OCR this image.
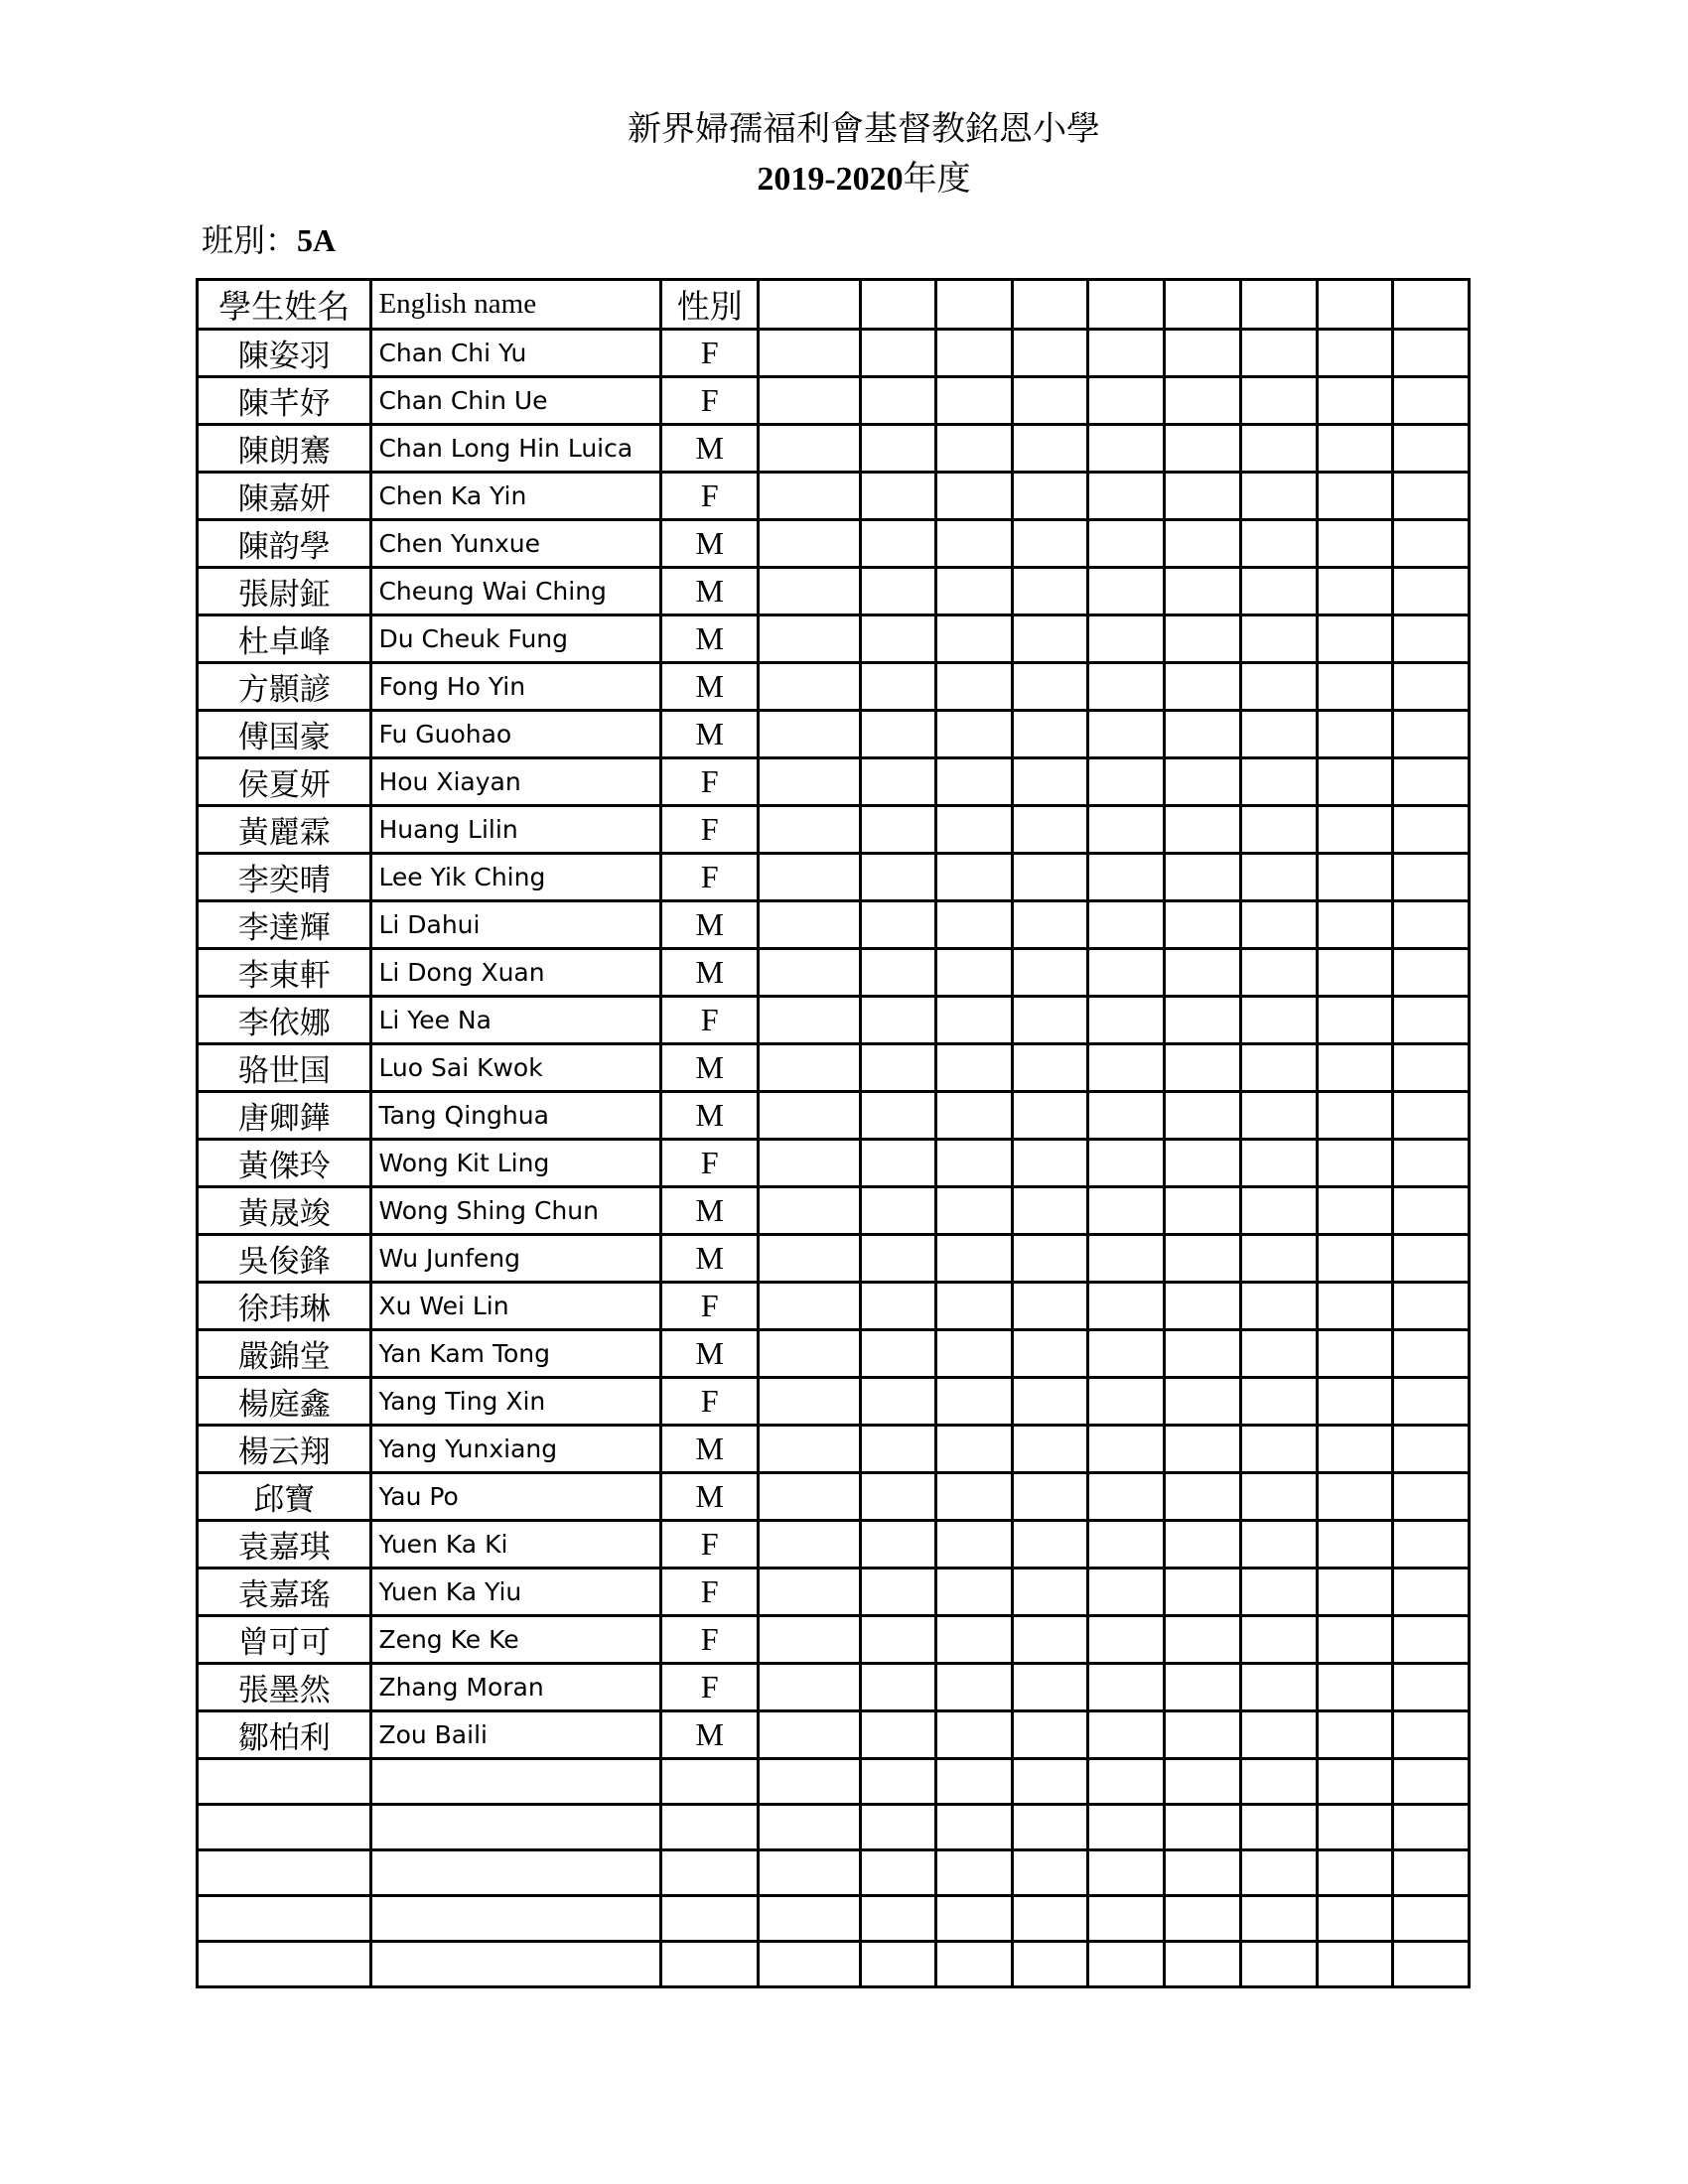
新界婦孺福利會基督教銘恩小學
2019-2020年度
班別：5A
學生姓名	English name	性別									
陳姿羽	Chan Chi Yu	F									
陳芊妤	Chan Chin Ue	F									
陳朗騫	Chan Long Hin Luica	M									
陳嘉妍	Chen Ka Yin	F									
陳韵學	Chen Yunxue	M									
張尉鉦	Cheung Wai Ching	M									
杜卓峰	Du Cheuk Fung	M									
方顥諺	Fong Ho Yin	M									
傅国豪	Fu Guohao	M									
侯夏妍	Hou Xiayan	F									
黃麗霖	Huang Lilin	F									
李奕晴	Lee Yik Ching	F									
李達輝	Li Dahui	M									
李東軒	Li Dong Xuan	M									
李依娜	Li Yee Na	F									
骆世国	Luo Sai Kwok	M									
唐卿鏵	Tang Qinghua	M									
黃傑玲	Wong Kit Ling	F									
黃晟竣	Wong Shing Chun	M									
吳俊鋒	Wu Junfeng	M									
徐玮琳	Xu Wei Lin	F									
嚴錦堂	Yan Kam Tong	M									
楊庭鑫	Yang Ting Xin	F									
楊云翔	Yang Yunxiang	M									
邱寶	Yau Po	M									
袁嘉琪	Yuen Ka Ki	F									
袁嘉瑤	Yuen Ka Yiu	F									
曾可可	Zeng Ke Ke	F									
張墨然	Zhang Moran	F									
鄒柏利	Zou Baili	M									
